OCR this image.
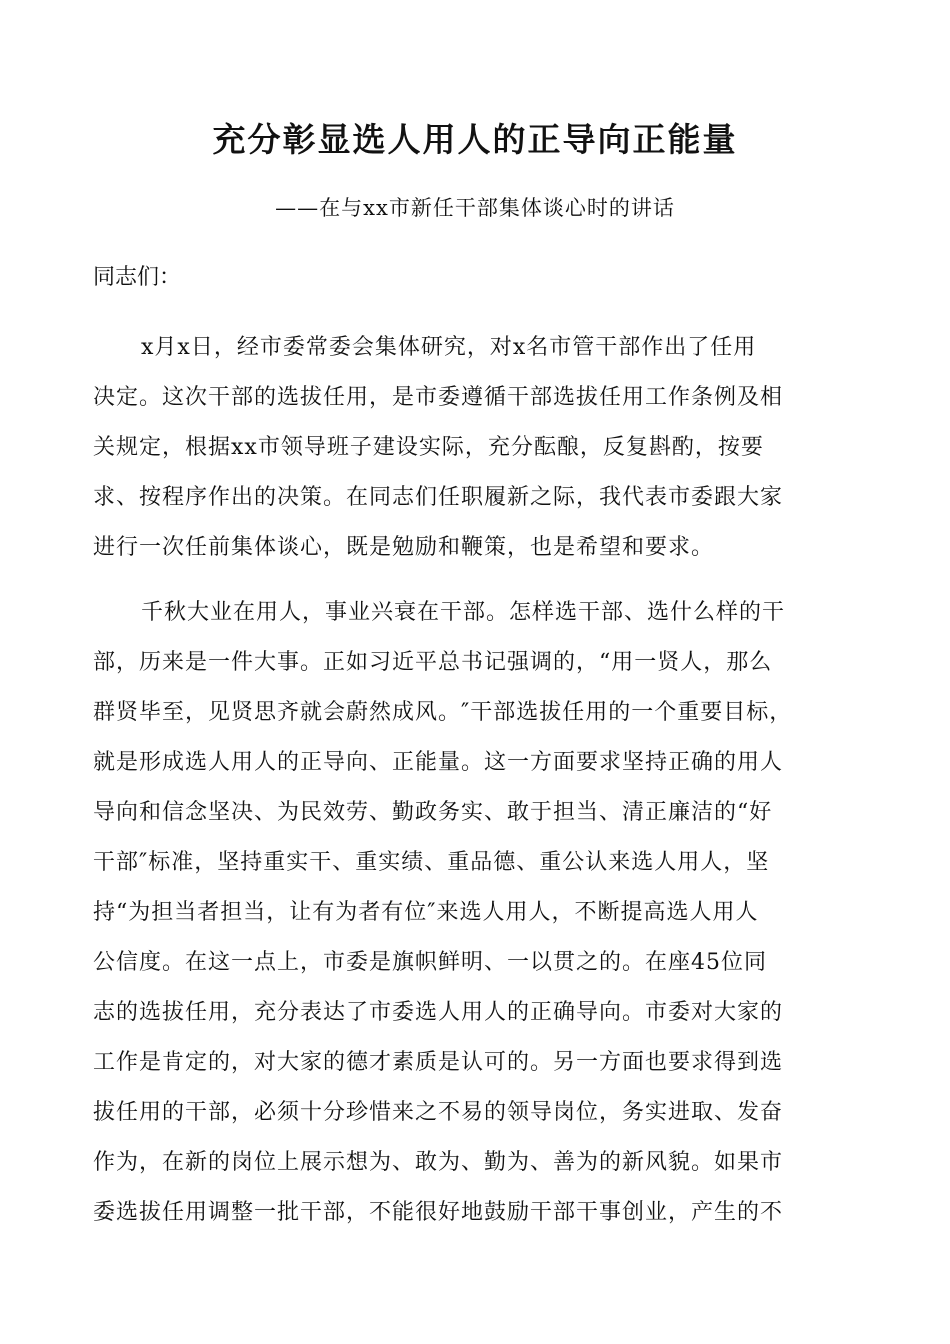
充分彰显选人用人的正导向正能量

——在与xx市新任干部集体谈心时的讲话

同志们：

x月x日，经市委常委会集体研究，对x名市管干部作出了任用
决定。这次干部的选拔任用，是市委遵循干部选拔任用工作条例及相
关规定，根据xx市领导班子建设实际，充分酝酿，反复斟酌，按要
求、按程序作出的决策。在同志们任职履新之际，我代表市委跟大家
进行一次任前集体谈心，既是勉励和鞭策，也是希望和要求。
千秋大业在用人，事业兴衰在干部。怎样选干部、选什么样的干
部，历来是一件大事。正如习近平总书记强调的，“用一贤人，那么
群贤毕至，见贤思齐就会蔚然成风。″干部选拔任用的一个重要目标，
就是形成选人用人的正导向、正能量。这一方面要求坚持正确的用人
导向和信念坚决、为民效劳、勤政务实、敢于担当、清正廉洁的“好
干部″标准，坚持重实干、重实绩、重品德、重公认来选人用人，坚
持“为担当者担当，让有为者有位″来选人用人，不断提高选人用人
公信度。在这一点上，市委是旗帜鲜明、一以贯之的。在座45位同
志的选拔任用，充分表达了市委选人用人的正确导向。市委对大家的
工作是肯定的，对大家的德才素质是认可的。另一方面也要求得到选
拔任用的干部，必须十分珍惜来之不易的领导岗位，务实进取、发奋
作为，在新的岗位上展示想为、敢为、勤为、善为的新风貌。如果市
委选拔任用调整一批干部，不能很好地鼓励干部干事创业，产生的不
